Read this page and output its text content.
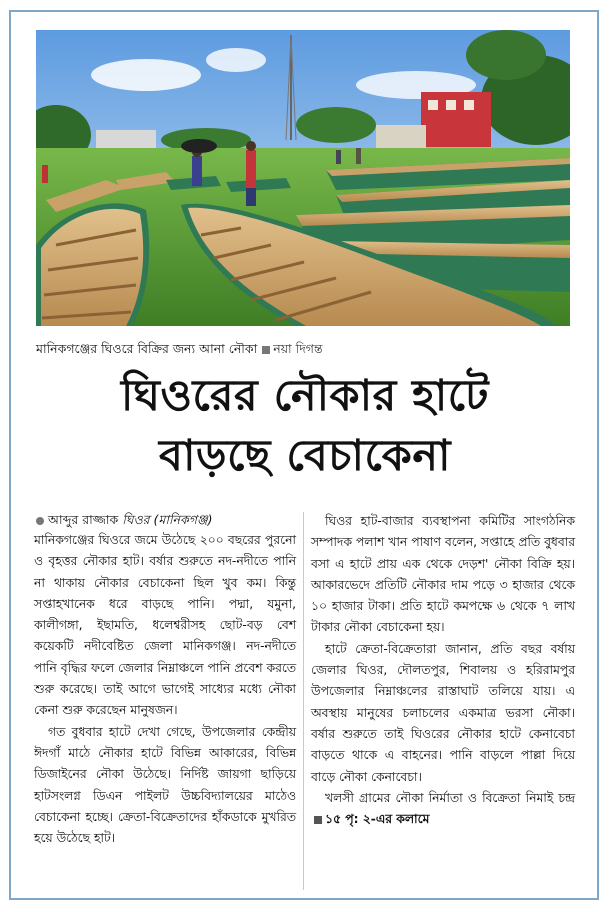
মানিকগঞ্জের ঘিওরে বিক্রির জন্য আনা নৌকা নয়া দিগন্ত
ঘিওরের নৌকার হাটে
বাড়ছে বেচাকেনা
আব্দুর রাজ্জাক ঘিওর (মানিকগঞ্জ)

মানিকগঞ্জের ঘিওরে জমে উঠেছে ২০০ বছরের পুরনো ও বৃহত্তর নৌকার হাট। বর্ষার শুরুতে নদ-নদীতে পানি না থাকায় নৌকার বেচাকেনা ছিল খুব কম। কিন্তু সপ্তাহখানেক ধরে বাড়ছে পানি। পদ্মা, যমুনা, কালীগঙ্গা, ইছামতি, ধলেশ্বরীসহ ছোট-বড় বেশ কয়েকটি নদীবেষ্টিত জেলা মানিকগঞ্জ। নদ-নদীতে পানি বৃদ্ধির ফলে জেলার নিম্নাঞ্চলে পানি প্রবেশ করতে শুরু করেছে। তাই আগে ভাগেই সাধ্যের মধ্যে নৌকা কেনা শুরু করেছেন মানুষজন।

গত বুধবার হাটে দেখা গেছে, উপজেলার কেন্দ্রীয় ঈদগাঁ মাঠে নৌকার হাটে বিভিন্ন আকারের, বিভিন্ন ডিজাইনের নৌকা উঠেছে। নির্দিষ্ট জায়গা ছাড়িয়ে হাটসংলগ্ন ডিএন পাইলট উচ্চবিদ্যালয়ের মাঠেও বেচাকেনা হচ্ছে। ক্রেতা-বিক্রেতাদের হাঁকডাকে মুখরিত হয়ে উঠেছে হাট।

ঘিওর হাট-বাজার ব্যবস্থাপনা কমিটির সাংগঠনিক সম্পাদক পলাশ খান পাষাণ বলেন, সপ্তাহে প্রতি বুধবার বসা এ হাটে প্রায় এক থেকে দেড়শ' নৌকা বিক্রি হয়। আকারভেদে প্রতিটি নৌকার দাম পড়ে ৩ হাজার থেকে ১০ হাজার টাকা। প্রতি হাটে কমপক্ষে ৬ থেকে ৭ লাখ টাকার নৌকা বেচাকেনা হয়।

হাটে ক্রেতা-বিক্রেতারা জানান, প্রতি বছর বর্ষায় জেলার ঘিওর, দৌলতপুর, শিবালয় ও হরিরামপুর উপজেলার নিম্নাঞ্চলের রাস্তাঘাট তলিয়ে যায়। এ অবস্থায় মানুষের চলাচলের একমাত্র ভরসা নৌকা। বর্ষার শুরুতে তাই ঘিওরের নৌকার হাটে কেনাবেচা বাড়তে থাকে এ বাহনের। পানি বাড়লে পাল্লা দিয়ে বাড়ে নৌকা কেনাবেচা।

খলসী গ্রামের নৌকা নির্মাতা ও বিক্রেতা নিমাই চন্দ্র ১৫ পৃ: ২-এর কলামে
